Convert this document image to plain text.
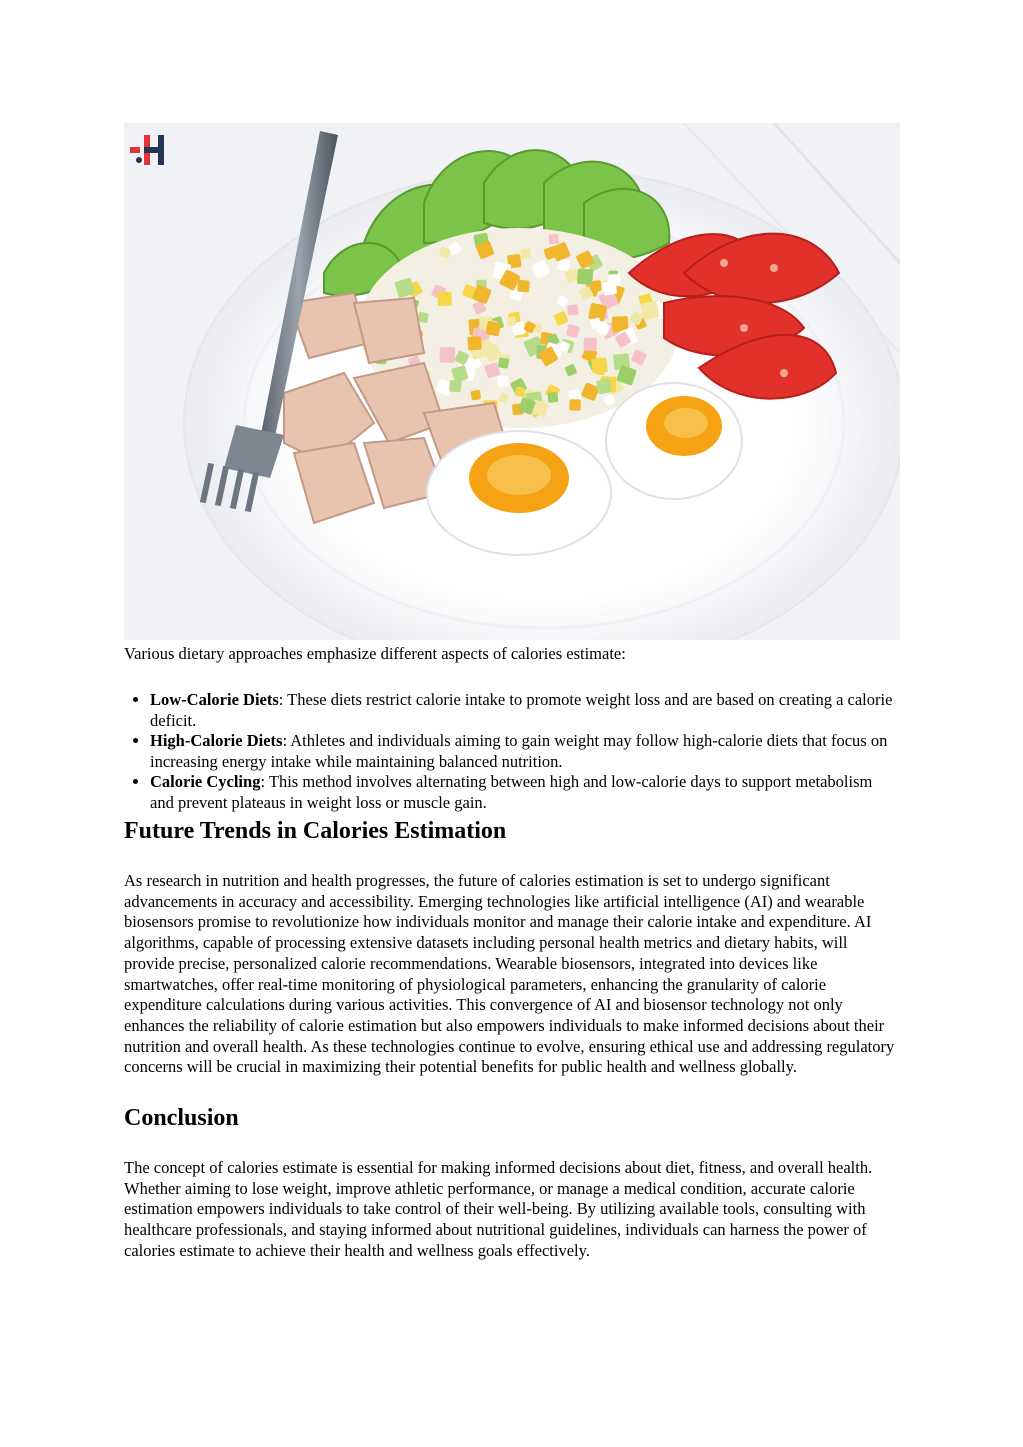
Various dietary approaches emphasize different aspects of calories estimate:

• Low-Calorie Diets: These diets restrict calorie intake to promote weight loss and are based on creating a calorie deficit.
• High-Calorie Diets: Athletes and individuals aiming to gain weight may follow high-calorie diets that focus on increasing energy intake while maintaining balanced nutrition.
• Calorie Cycling: This method involves alternating between high and low-calorie days to support metabolism and prevent plateaus in weight loss or muscle gain.
Future Trends in Calories Estimation

As research in nutrition and health progresses, the future of calories estimation is set to undergo significant advancements in accuracy and accessibility. Emerging technologies like artificial intelligence (AI) and wearable biosensors promise to revolutionize how individuals monitor and manage their calorie intake and expenditure. AI algorithms, capable of processing extensive datasets including personal health metrics and dietary habits, will provide precise, personalized calorie recommendations. Wearable biosensors, integrated into devices like smartwatches, offer real-time monitoring of physiological parameters, enhancing the granularity of calorie expenditure calculations during various activities. This convergence of AI and biosensor technology not only enhances the reliability of calorie estimation but also empowers individuals to make informed decisions about their nutrition and overall health. As these technologies continue to evolve, ensuring ethical use and addressing regulatory concerns will be crucial in maximizing their potential benefits for public health and wellness globally.

Conclusion

The concept of calories estimate is essential for making informed decisions about diet, fitness, and overall health. Whether aiming to lose weight, improve athletic performance, or manage a medical condition, accurate calorie estimation empowers individuals to take control of their well-being. By utilizing available tools, consulting with healthcare professionals, and staying informed about nutritional guidelines, individuals can harness the power of calories estimate to achieve their health and wellness goals effectively.
